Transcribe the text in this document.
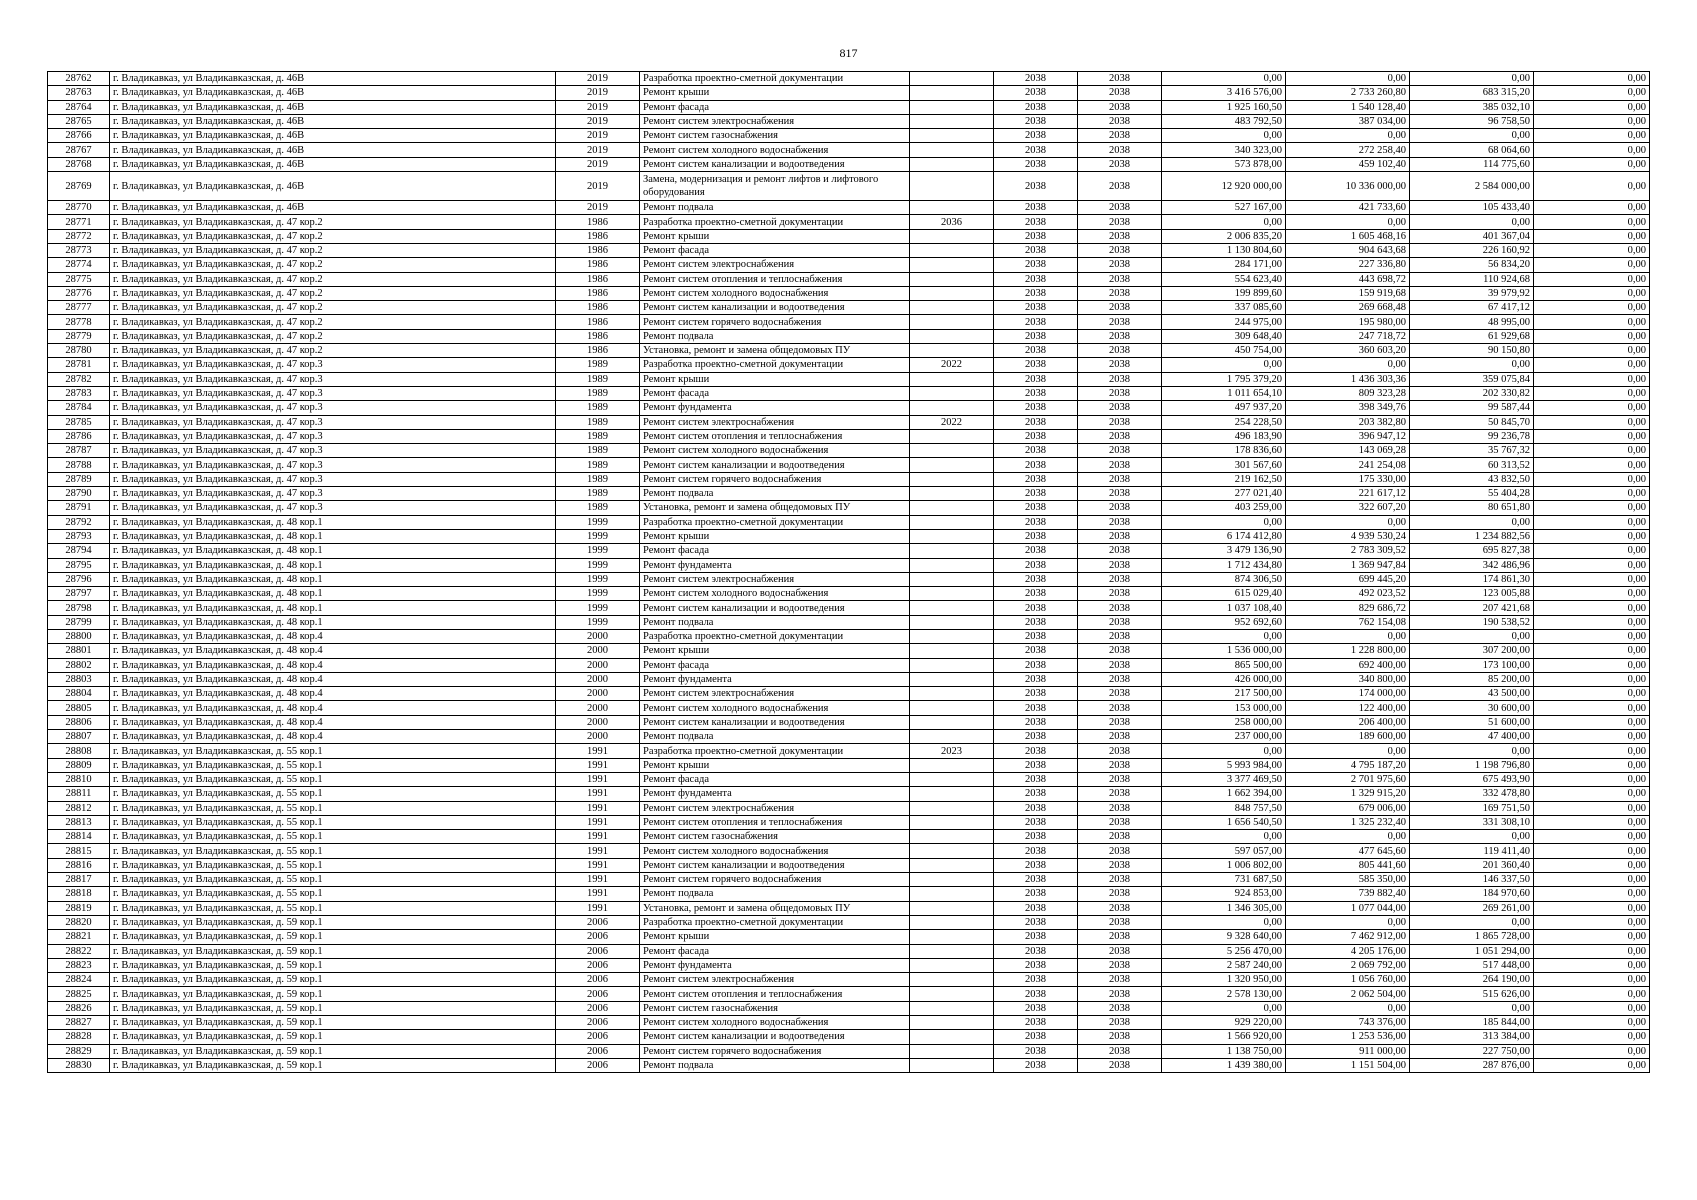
817
28762	г. Владикавказ, ул Владикавказская, д. 46В	2019	Разработка проектно-сметной документации		2038	2038	0,00	0,00	0,00	0,00
28763	г. Владикавказ, ул Владикавказская, д. 46В	2019	Ремонт крыши		2038	2038	3 416 576,00	2 733 260,80	683 315,20	0,00
28764	г. Владикавказ, ул Владикавказская, д. 46В	2019	Ремонт фасада		2038	2038	1 925 160,50	1 540 128,40	385 032,10	0,00
28765	г. Владикавказ, ул Владикавказская, д. 46В	2019	Ремонт систем электроснабжения		2038	2038	483 792,50	387 034,00	96 758,50	0,00
28766	г. Владикавказ, ул Владикавказская, д. 46В	2019	Ремонт систем газоснабжения		2038	2038	0,00	0,00	0,00	0,00
28767	г. Владикавказ, ул Владикавказская, д. 46В	2019	Ремонт систем холодного водоснабжения		2038	2038	340 323,00	272 258,40	68 064,60	0,00
28768	г. Владикавказ, ул Владикавказская, д. 46В	2019	Ремонт систем канализации и водоотведения		2038	2038	573 878,00	459 102,40	114 775,60	0,00
28769	г. Владикавказ, ул Владикавказская, д. 46В	2019	Замена, модернизация и ремонт лифтов и лифтового оборудования		2038	2038	12 920 000,00	10 336 000,00	2 584 000,00	0,00
28770	г. Владикавказ, ул Владикавказская, д. 46В	2019	Ремонт подвала		2038	2038	527 167,00	421 733,60	105 433,40	0,00
28771	г. Владикавказ, ул Владикавказская, д. 47 кор.2	1986	Разработка проектно-сметной документации	2036	2038	2038	0,00	0,00	0,00	0,00
28772	г. Владикавказ, ул Владикавказская, д. 47 кор.2	1986	Ремонт крыши		2038	2038	2 006 835,20	1 605 468,16	401 367,04	0,00
28773	г. Владикавказ, ул Владикавказская, д. 47 кор.2	1986	Ремонт фасада		2038	2038	1 130 804,60	904 643,68	226 160,92	0,00
28774	г. Владикавказ, ул Владикавказская, д. 47 кор.2	1986	Ремонт систем электроснабжения		2038	2038	284 171,00	227 336,80	56 834,20	0,00
28775	г. Владикавказ, ул Владикавказская, д. 47 кор.2	1986	Ремонт систем отопления и теплоснабжения		2038	2038	554 623,40	443 698,72	110 924,68	0,00
28776	г. Владикавказ, ул Владикавказская, д. 47 кор.2	1986	Ремонт систем холодного водоснабжения		2038	2038	199 899,60	159 919,68	39 979,92	0,00
28777	г. Владикавказ, ул Владикавказская, д. 47 кор.2	1986	Ремонт систем канализации и водоотведения		2038	2038	337 085,60	269 668,48	67 417,12	0,00
28778	г. Владикавказ, ул Владикавказская, д. 47 кор.2	1986	Ремонт систем горячего водоснабжения		2038	2038	244 975,00	195 980,00	48 995,00	0,00
28779	г. Владикавказ, ул Владикавказская, д. 47 кор.2	1986	Ремонт подвала		2038	2038	309 648,40	247 718,72	61 929,68	0,00
28780	г. Владикавказ, ул Владикавказская, д. 47 кор.2	1986	Установка, ремонт и замена общедомовых ПУ		2038	2038	450 754,00	360 603,20	90 150,80	0,00
28781	г. Владикавказ, ул Владикавказская, д. 47 кор.3	1989	Разработка проектно-сметной документации	2022	2038	2038	0,00	0,00	0,00	0,00
28782	г. Владикавказ, ул Владикавказская, д. 47 кор.3	1989	Ремонт крыши		2038	2038	1 795 379,20	1 436 303,36	359 075,84	0,00
28783	г. Владикавказ, ул Владикавказская, д. 47 кор.3	1989	Ремонт фасада		2038	2038	1 011 654,10	809 323,28	202 330,82	0,00
28784	г. Владикавказ, ул Владикавказская, д. 47 кор.3	1989	Ремонт фундамента		2038	2038	497 937,20	398 349,76	99 587,44	0,00
28785	г. Владикавказ, ул Владикавказская, д. 47 кор.3	1989	Ремонт систем электроснабжения	2022	2038	2038	254 228,50	203 382,80	50 845,70	0,00
28786	г. Владикавказ, ул Владикавказская, д. 47 кор.3	1989	Ремонт систем отопления и теплоснабжения		2038	2038	496 183,90	396 947,12	99 236,78	0,00
28787	г. Владикавказ, ул Владикавказская, д. 47 кор.3	1989	Ремонт систем холодного водоснабжения		2038	2038	178 836,60	143 069,28	35 767,32	0,00
28788	г. Владикавказ, ул Владикавказская, д. 47 кор.3	1989	Ремонт систем канализации и водоотведения		2038	2038	301 567,60	241 254,08	60 313,52	0,00
28789	г. Владикавказ, ул Владикавказская, д. 47 кор.3	1989	Ремонт систем горячего водоснабжения		2038	2038	219 162,50	175 330,00	43 832,50	0,00
28790	г. Владикавказ, ул Владикавказская, д. 47 кор.3	1989	Ремонт подвала		2038	2038	277 021,40	221 617,12	55 404,28	0,00
28791	г. Владикавказ, ул Владикавказская, д. 47 кор.3	1989	Установка, ремонт и замена общедомовых ПУ		2038	2038	403 259,00	322 607,20	80 651,80	0,00
28792	г. Владикавказ, ул Владикавказская, д. 48 кор.1	1999	Разработка проектно-сметной документации		2038	2038	0,00	0,00	0,00	0,00
28793	г. Владикавказ, ул Владикавказская, д. 48 кор.1	1999	Ремонт крыши		2038	2038	6 174 412,80	4 939 530,24	1 234 882,56	0,00
28794	г. Владикавказ, ул Владикавказская, д. 48 кор.1	1999	Ремонт фасада		2038	2038	3 479 136,90	2 783 309,52	695 827,38	0,00
28795	г. Владикавказ, ул Владикавказская, д. 48 кор.1	1999	Ремонт фундамента		2038	2038	1 712 434,80	1 369 947,84	342 486,96	0,00
28796	г. Владикавказ, ул Владикавказская, д. 48 кор.1	1999	Ремонт систем электроснабжения		2038	2038	874 306,50	699 445,20	174 861,30	0,00
28797	г. Владикавказ, ул Владикавказская, д. 48 кор.1	1999	Ремонт систем холодного водоснабжения		2038	2038	615 029,40	492 023,52	123 005,88	0,00
28798	г. Владикавказ, ул Владикавказская, д. 48 кор.1	1999	Ремонт систем канализации и водоотведения		2038	2038	1 037 108,40	829 686,72	207 421,68	0,00
28799	г. Владикавказ, ул Владикавказская, д. 48 кор.1	1999	Ремонт подвала		2038	2038	952 692,60	762 154,08	190 538,52	0,00
28800	г. Владикавказ, ул Владикавказская, д. 48 кор.4	2000	Разработка проектно-сметной документации		2038	2038	0,00	0,00	0,00	0,00
28801	г. Владикавказ, ул Владикавказская, д. 48 кор.4	2000	Ремонт крыши		2038	2038	1 536 000,00	1 228 800,00	307 200,00	0,00
28802	г. Владикавказ, ул Владикавказская, д. 48 кор.4	2000	Ремонт фасада		2038	2038	865 500,00	692 400,00	173 100,00	0,00
28803	г. Владикавказ, ул Владикавказская, д. 48 кор.4	2000	Ремонт фундамента		2038	2038	426 000,00	340 800,00	85 200,00	0,00
28804	г. Владикавказ, ул Владикавказская, д. 48 кор.4	2000	Ремонт систем электроснабжения		2038	2038	217 500,00	174 000,00	43 500,00	0,00
28805	г. Владикавказ, ул Владикавказская, д. 48 кор.4	2000	Ремонт систем холодного водоснабжения		2038	2038	153 000,00	122 400,00	30 600,00	0,00
28806	г. Владикавказ, ул Владикавказская, д. 48 кор.4	2000	Ремонт систем канализации и водоотведения		2038	2038	258 000,00	206 400,00	51 600,00	0,00
28807	г. Владикавказ, ул Владикавказская, д. 48 кор.4	2000	Ремонт подвала		2038	2038	237 000,00	189 600,00	47 400,00	0,00
28808	г. Владикавказ, ул Владикавказская, д. 55 кор.1	1991	Разработка проектно-сметной документации	2023	2038	2038	0,00	0,00	0,00	0,00
28809	г. Владикавказ, ул Владикавказская, д. 55 кор.1	1991	Ремонт крыши		2038	2038	5 993 984,00	4 795 187,20	1 198 796,80	0,00
28810	г. Владикавказ, ул Владикавказская, д. 55 кор.1	1991	Ремонт фасада		2038	2038	3 377 469,50	2 701 975,60	675 493,90	0,00
28811	г. Владикавказ, ул Владикавказская, д. 55 кор.1	1991	Ремонт фундамента		2038	2038	1 662 394,00	1 329 915,20	332 478,80	0,00
28812	г. Владикавказ, ул Владикавказская, д. 55 кор.1	1991	Ремонт систем электроснабжения		2038	2038	848 757,50	679 006,00	169 751,50	0,00
28813	г. Владикавказ, ул Владикавказская, д. 55 кор.1	1991	Ремонт систем отопления и теплоснабжения		2038	2038	1 656 540,50	1 325 232,40	331 308,10	0,00
28814	г. Владикавказ, ул Владикавказская, д. 55 кор.1	1991	Ремонт систем газоснабжения		2038	2038	0,00	0,00	0,00	0,00
28815	г. Владикавказ, ул Владикавказская, д. 55 кор.1	1991	Ремонт систем холодного водоснабжения		2038	2038	597 057,00	477 645,60	119 411,40	0,00
28816	г. Владикавказ, ул Владикавказская, д. 55 кор.1	1991	Ремонт систем канализации и водоотведения		2038	2038	1 006 802,00	805 441,60	201 360,40	0,00
28817	г. Владикавказ, ул Владикавказская, д. 55 кор.1	1991	Ремонт систем горячего водоснабжения		2038	2038	731 687,50	585 350,00	146 337,50	0,00
28818	г. Владикавказ, ул Владикавказская, д. 55 кор.1	1991	Ремонт подвала		2038	2038	924 853,00	739 882,40	184 970,60	0,00
28819	г. Владикавказ, ул Владикавказская, д. 55 кор.1	1991	Установка, ремонт и замена общедомовых ПУ		2038	2038	1 346 305,00	1 077 044,00	269 261,00	0,00
28820	г. Владикавказ, ул Владикавказская, д. 59 кор.1	2006	Разработка проектно-сметной документации		2038	2038	0,00	0,00	0,00	0,00
28821	г. Владикавказ, ул Владикавказская, д. 59 кор.1	2006	Ремонт крыши		2038	2038	9 328 640,00	7 462 912,00	1 865 728,00	0,00
28822	г. Владикавказ, ул Владикавказская, д. 59 кор.1	2006	Ремонт фасада		2038	2038	5 256 470,00	4 205 176,00	1 051 294,00	0,00
28823	г. Владикавказ, ул Владикавказская, д. 59 кор.1	2006	Ремонт фундамента		2038	2038	2 587 240,00	2 069 792,00	517 448,00	0,00
28824	г. Владикавказ, ул Владикавказская, д. 59 кор.1	2006	Ремонт систем электроснабжения		2038	2038	1 320 950,00	1 056 760,00	264 190,00	0,00
28825	г. Владикавказ, ул Владикавказская, д. 59 кор.1	2006	Ремонт систем отопления и теплоснабжения		2038	2038	2 578 130,00	2 062 504,00	515 626,00	0,00
28826	г. Владикавказ, ул Владикавказская, д. 59 кор.1	2006	Ремонт систем газоснабжения		2038	2038	0,00	0,00	0,00	0,00
28827	г. Владикавказ, ул Владикавказская, д. 59 кор.1	2006	Ремонт систем холодного водоснабжения		2038	2038	929 220,00	743 376,00	185 844,00	0,00
28828	г. Владикавказ, ул Владикавказская, д. 59 кор.1	2006	Ремонт систем канализации и водоотведения		2038	2038	1 566 920,00	1 253 536,00	313 384,00	0,00
28829	г. Владикавказ, ул Владикавказская, д. 59 кор.1	2006	Ремонт систем горячего водоснабжения		2038	2038	1 138 750,00	911 000,00	227 750,00	0,00
28830	г. Владикавказ, ул Владикавказская, д. 59 кор.1	2006	Ремонт подвала		2038	2038	1 439 380,00	1 151 504,00	287 876,00	0,00
